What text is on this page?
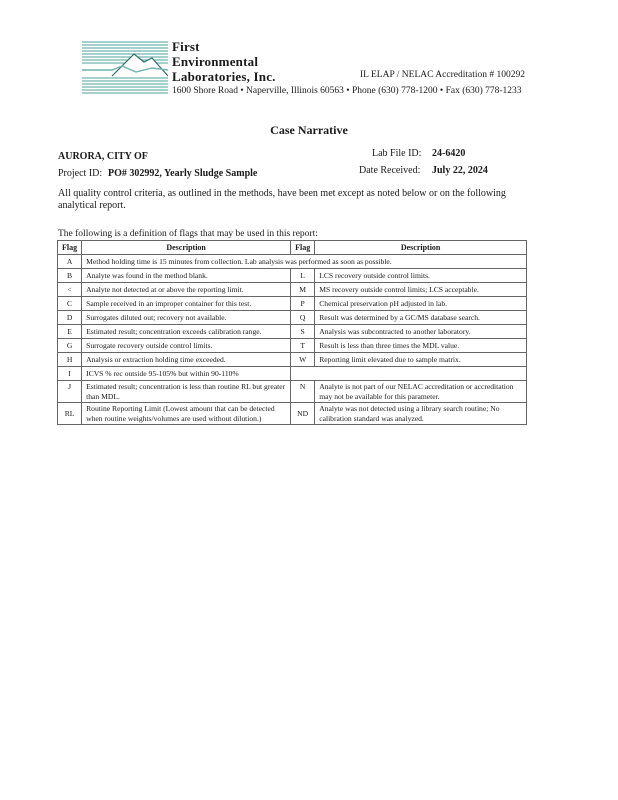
First
Environmental
Laboratories, Inc.	IL ELAP / NELAC Accreditation # 100292
1600 Shore Road • Naperville, Illinois 60563 • Phone (630) 778-1200 • Fax (630) 778-1233
Case Narrative
AURORA, CITY OF	Lab File ID: 24-6420
Project ID: PO# 302992, Yearly Sludge Sample	Date Received: July 22, 2024
All quality control criteria, as outlined in the methods, have been met except as noted below or on the following analytical report.
The following is a definition of flags that may be used in this report:
Flag	Description	Flag	Description
A	Method holding time is 15 minutes from collection. Lab analysis was performed as soon as possible.		
B	Analyte was found in the method blank.	L	LCS recovery outside control limits.
<	Analyte not detected at or above the reporting limit.	M	MS recovery outside control limits; LCS acceptable.
C	Sample received in an improper container for this test.	P	Chemical preservation pH adjusted in lab.
D	Surrogates diluted out; recovery not available.	Q	Result was determined by a GC/MS database search.
E	Estimated result; concentration exceeds calibration range.	S	Analysis was subcontracted to another laboratory.
G	Surrogate recovery outside control limits.	T	Result is less than three times the MDL value.
H	Analysis or extraction holding time exceeded.	W	Reporting limit elevated due to sample matrix.
I	ICVS % rec outside 95-105% but within 90-110%		
J	Estimated result; concentration is less than routine RL but greater than MDL.	N	Analyte is not part of our NELAC accreditation or accreditation may not be available for this parameter.
RL	Routine Reporting Limit (Lowest amount that can be detected when routine weights/volumes are used without dilution.)	ND	Analyte was not detected using a library search routine; No calibration standard was analyzed.
